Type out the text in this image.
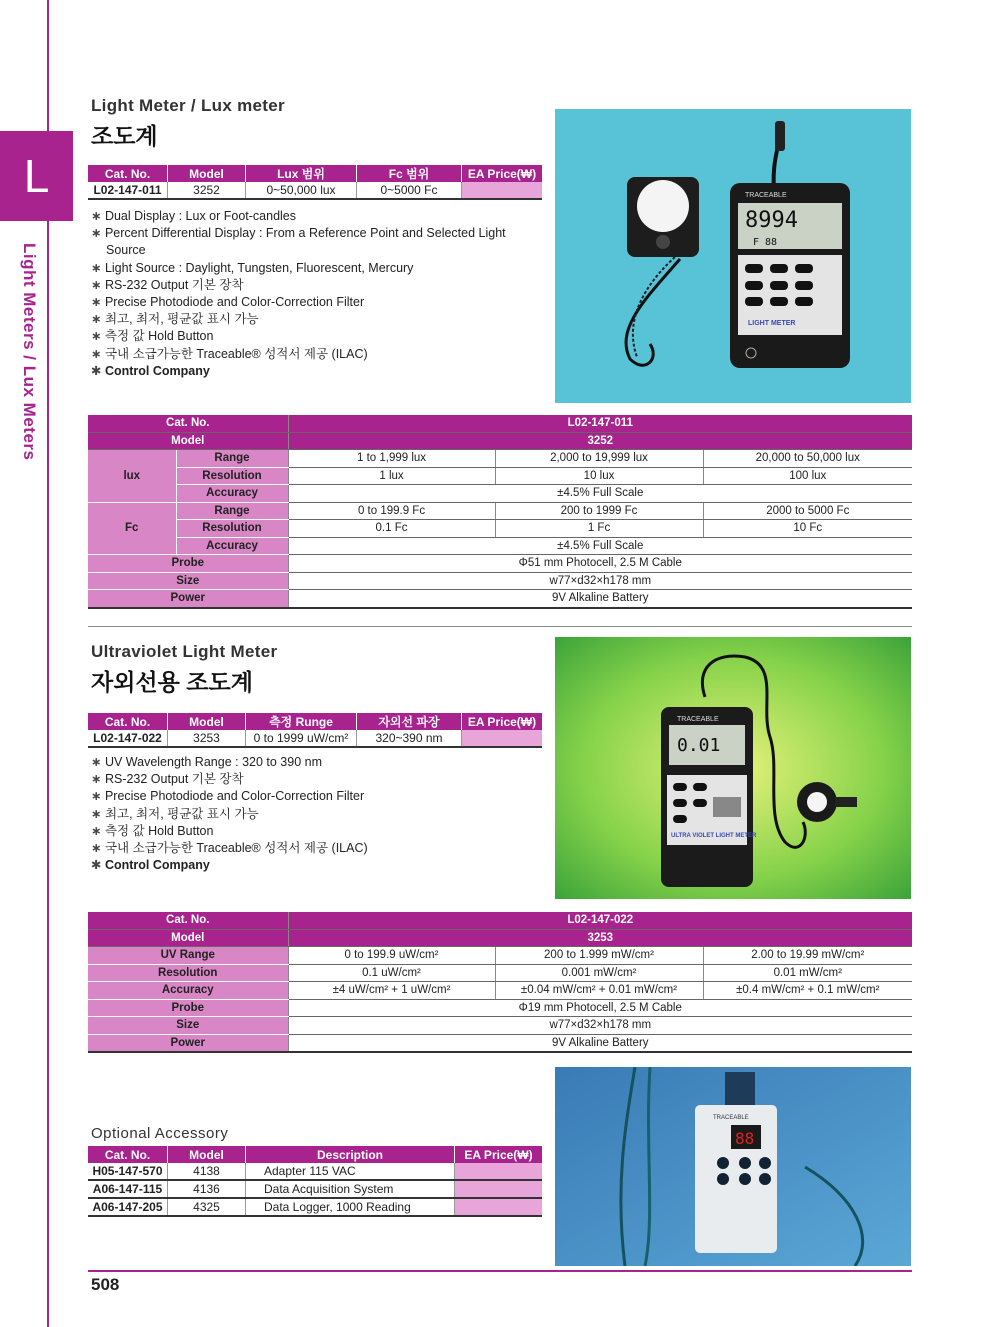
L
Light Meters / Lux Meters
Light Meter / Lux meter
조도계
Cat. No.	Model	Lux 범위	Fc 범위	EA Price(₩)
L02-147-011	3252	0~50,000 lux	0~5000 Fc	
∗ Dual Display : Lux or Foot-candles
∗ Percent Differential Display : From a Reference Point and Selected Light Source
∗ Light Source : Daylight, Tungsten, Fluorescent, Mercury
∗ RS-232 Output 기본 장착
∗ Precise Photodiode and Color-Correction Filter
∗ 최고, 최저, 평균값 표시 가능
∗ 측정 값 Hold Button
∗ 국내 소급가능한 Traceable® 성적서 제공 (ILAC)
✱ Control Company
TRACEABLE
8994
F 88
LIGHT METER
Cat. No.		L02-147-011		
Model		3252		
lux	Range	1 to 1,999 lux	2,000 to 19,999 lux	20,000 to 50,000 lux
	Resolution	1 lux	10 lux	100 lux
	Accuracy	±4.5% Full Scale		
Fc	Range	0 to 199.9 Fc	200 to 1999 Fc	2000 to 5000 Fc
	Resolution	0.1 Fc	1 Fc	10 Fc
	Accuracy	±4.5% Full Scale		
Probe		Φ51 mm Photocell, 2.5 M Cable		
Size		w77×d32×h178 mm		
Power		9V Alkaline Battery		
Ultraviolet Light Meter
자외선용 조도계
Cat. No.	Model	측정 Runge	자외선 파장	EA Price(₩)
L02-147-022	3253	0 to 1999 uW/cm²	320~390 nm	
∗ UV Wavelength Range : 320 to 390 nm
∗ RS-232 Output 기본 장착
∗ Precise Photodiode and Color-Correction Filter
∗ 최고, 최저, 평균값 표시 가능
∗ 측정 값 Hold Button
∗ 국내 소급가능한 Traceable® 성적서 제공 (ILAC)
✱ Control Company
TRACEABLE
0.01
ULTRA VIOLET LIGHT METER
Cat. No.	L02-147-022		
Model	3253		
UV Range	0 to 199.9 uW/cm²	200 to 1.999 mW/cm²	2.00 to 19.99 mW/cm²
Resolution	0.1 uW/cm²	0.001 mW/cm²	0.01 mW/cm²
Accuracy	±4 uW/cm² + 1 uW/cm²	±0.04 mW/cm² + 0.01 mW/cm²	±0.4 mW/cm² + 0.1 mW/cm²
Probe	Φ19 mm Photocell, 2.5 M Cable		
Size	w77×d32×h178 mm		
Power	9V Alkaline Battery		
Optional Accessory
Cat. No.	Model	Description	EA Price(₩)
H05-147-570	4138	Adapter 115 VAC	
A06-147-115	4136	Data Acquisition System	
A06-147-205	4325	Data Logger, 1000 Reading	
TRACEABLE
88
508
